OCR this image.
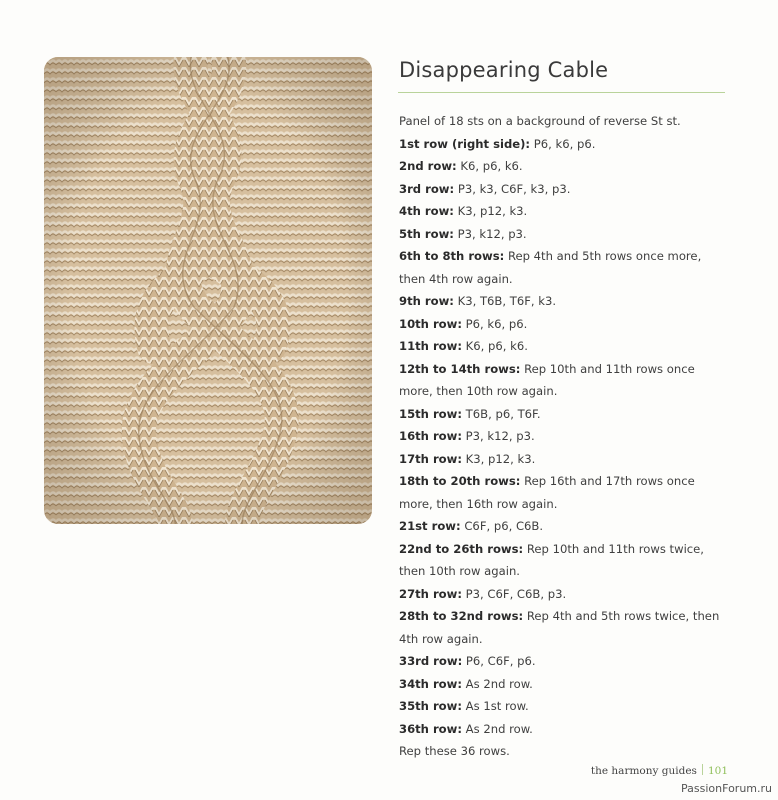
Disappearing Cable

Panel of 18 sts on a background of reverse St st.

1st row (right side): P6, k6, p6.

2nd row: K6, p6, k6.

3rd row: P3, k3, C6F, k3, p3.

4th row: K3, p12, k3.

5th row: P3, k12, p3.

6th to 8th rows: Rep 4th and 5th rows once more, then 4th row again.

9th row: K3, T6B, T6F, k3.

10th row: P6, k6, p6.

11th row: K6, p6, k6.

12th to 14th rows: Rep 10th and 11th rows once more, then 10th row again.

15th row: T6B, p6, T6F.

16th row: P3, k12, p3.

17th row: K3, p12, k3.

18th to 20th rows: Rep 16th and 17th rows once more, then 16th row again.

21st row: C6F, p6, C6B.

22nd to 26th rows: Rep 10th and 11th rows twice, then 10th row again.

27th row: P3, C6F, C6B, p3.

28th to 32nd rows: Rep 4th and 5th rows twice, then 4th row again.

33rd row: P6, C6F, p6.

34th row: As 2nd row.

35th row: As 1st row.

36th row: As 2nd row.

Rep these 36 rows.

the harmony guides 101
PassionForum.ru
